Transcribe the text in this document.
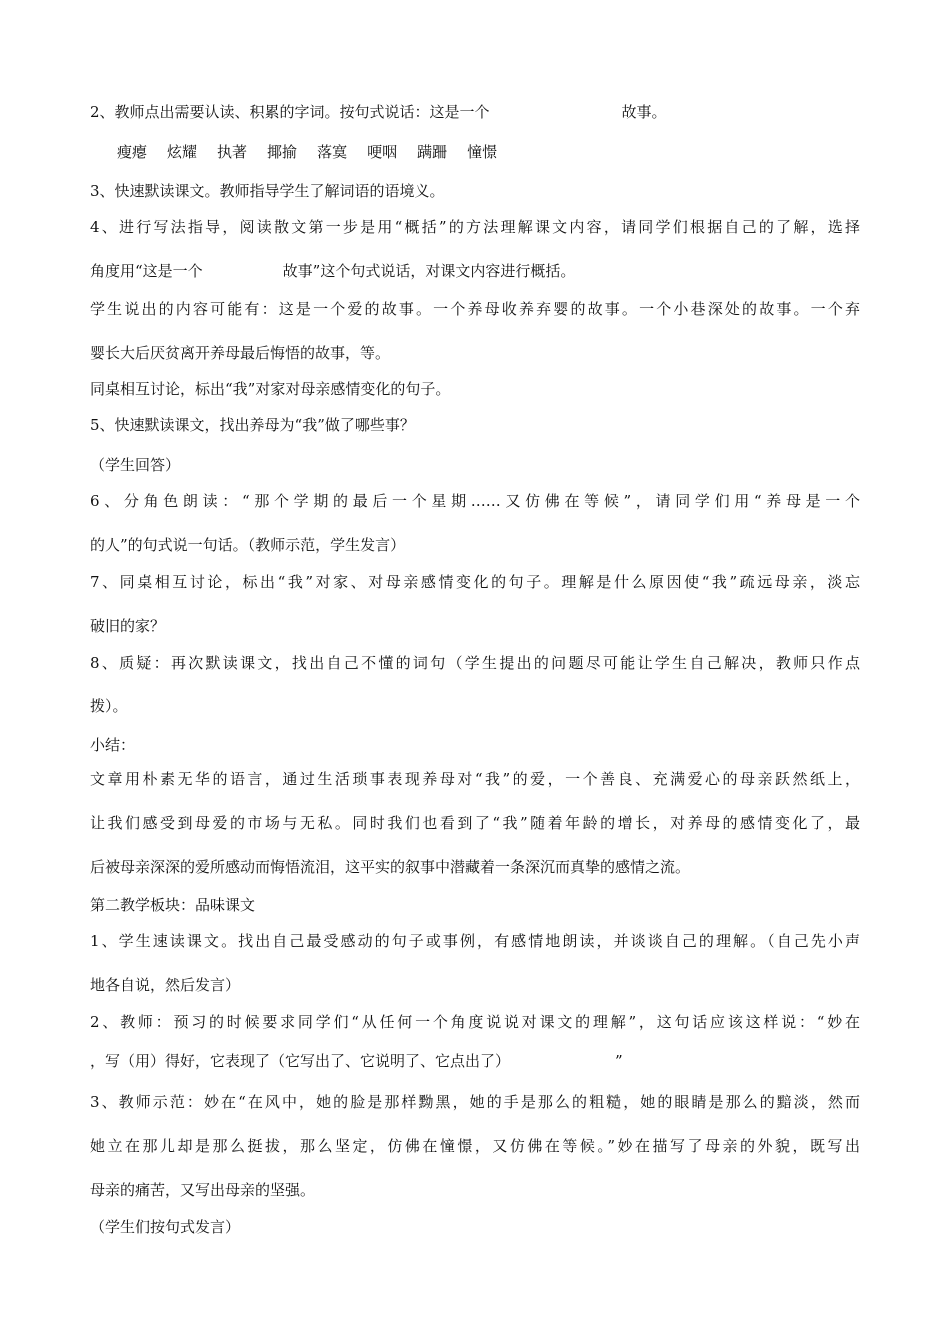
2、教师点出需要认读、积累的字词。按句式说话：这是一个	故事。
瘦瘪 炫耀 执著 揶揄 落寞 哽咽 蹒跚 憧憬
3、快速默读课文。教师指导学生了解词语的语境义。
4、进行写法指导，阅读散文第一步是用“概括”的方法理解课文内容，请同学们根据自己的了解，选择
角度用“这是一个	故事”这个句式说话，对课文内容进行概括。
学生说出的内容可能有：这是一个爱的故事。一个养母收养弃婴的故事。一个小巷深处的故事。一个弃
婴长大后厌贫离开养母最后悔悟的故事，等。
同桌相互讨论，标出“我”对家对母亲感情变化的句子。
5、快速默读课文，找出养母为“我”做了哪些事？
（学生回答）
6、分角色朗读：“那个学期的最后一个星期……又仿佛在等候”，请同学们用“养母是一个
的人”的句式说一句话。（教师示范，学生发言）
7、同桌相互讨论，标出“我”对家、对母亲感情变化的句子。理解是什么原因使“我”疏远母亲，淡忘
破旧的家？
8、质疑：再次默读课文，找出自己不懂的词句（学生提出的问题尽可能让学生自己解决，教师只作点
拨）。
小结：
文章用朴素无华的语言，通过生活琐事表现养母对“我”的爱，一个善良、充满爱心的母亲跃然纸上，
让我们感受到母爱的市场与无私。同时我们也看到了“我”随着年龄的增长，对养母的感情变化了，最
后被母亲深深的爱所感动而悔悟流泪，这平实的叙事中潜藏着一条深沉而真挚的感情之流。
第二教学板块：品味课文
1、学生速读课文。找出自己最受感动的句子或事例，有感情地朗读，并谈谈自己的理解。（自己先小声
地各自说，然后发言）
2、教师：预习的时候要求同学们“从任何一个角度说说对课文的理解”，这句话应该这样说：“妙在
，写（用）得好，它表现了（它写出了、它说明了、它点出了）	”
3、教师示范：妙在“在风中，她的脸是那样黝黑，她的手是那么的粗糙，她的眼睛是那么的黯淡，然而
她立在那儿却是那么挺拔，那么坚定，仿佛在憧憬，又仿佛在等候。”妙在描写了母亲的外貌，既写出
母亲的痛苦，又写出母亲的坚强。
（学生们按句式发言）
